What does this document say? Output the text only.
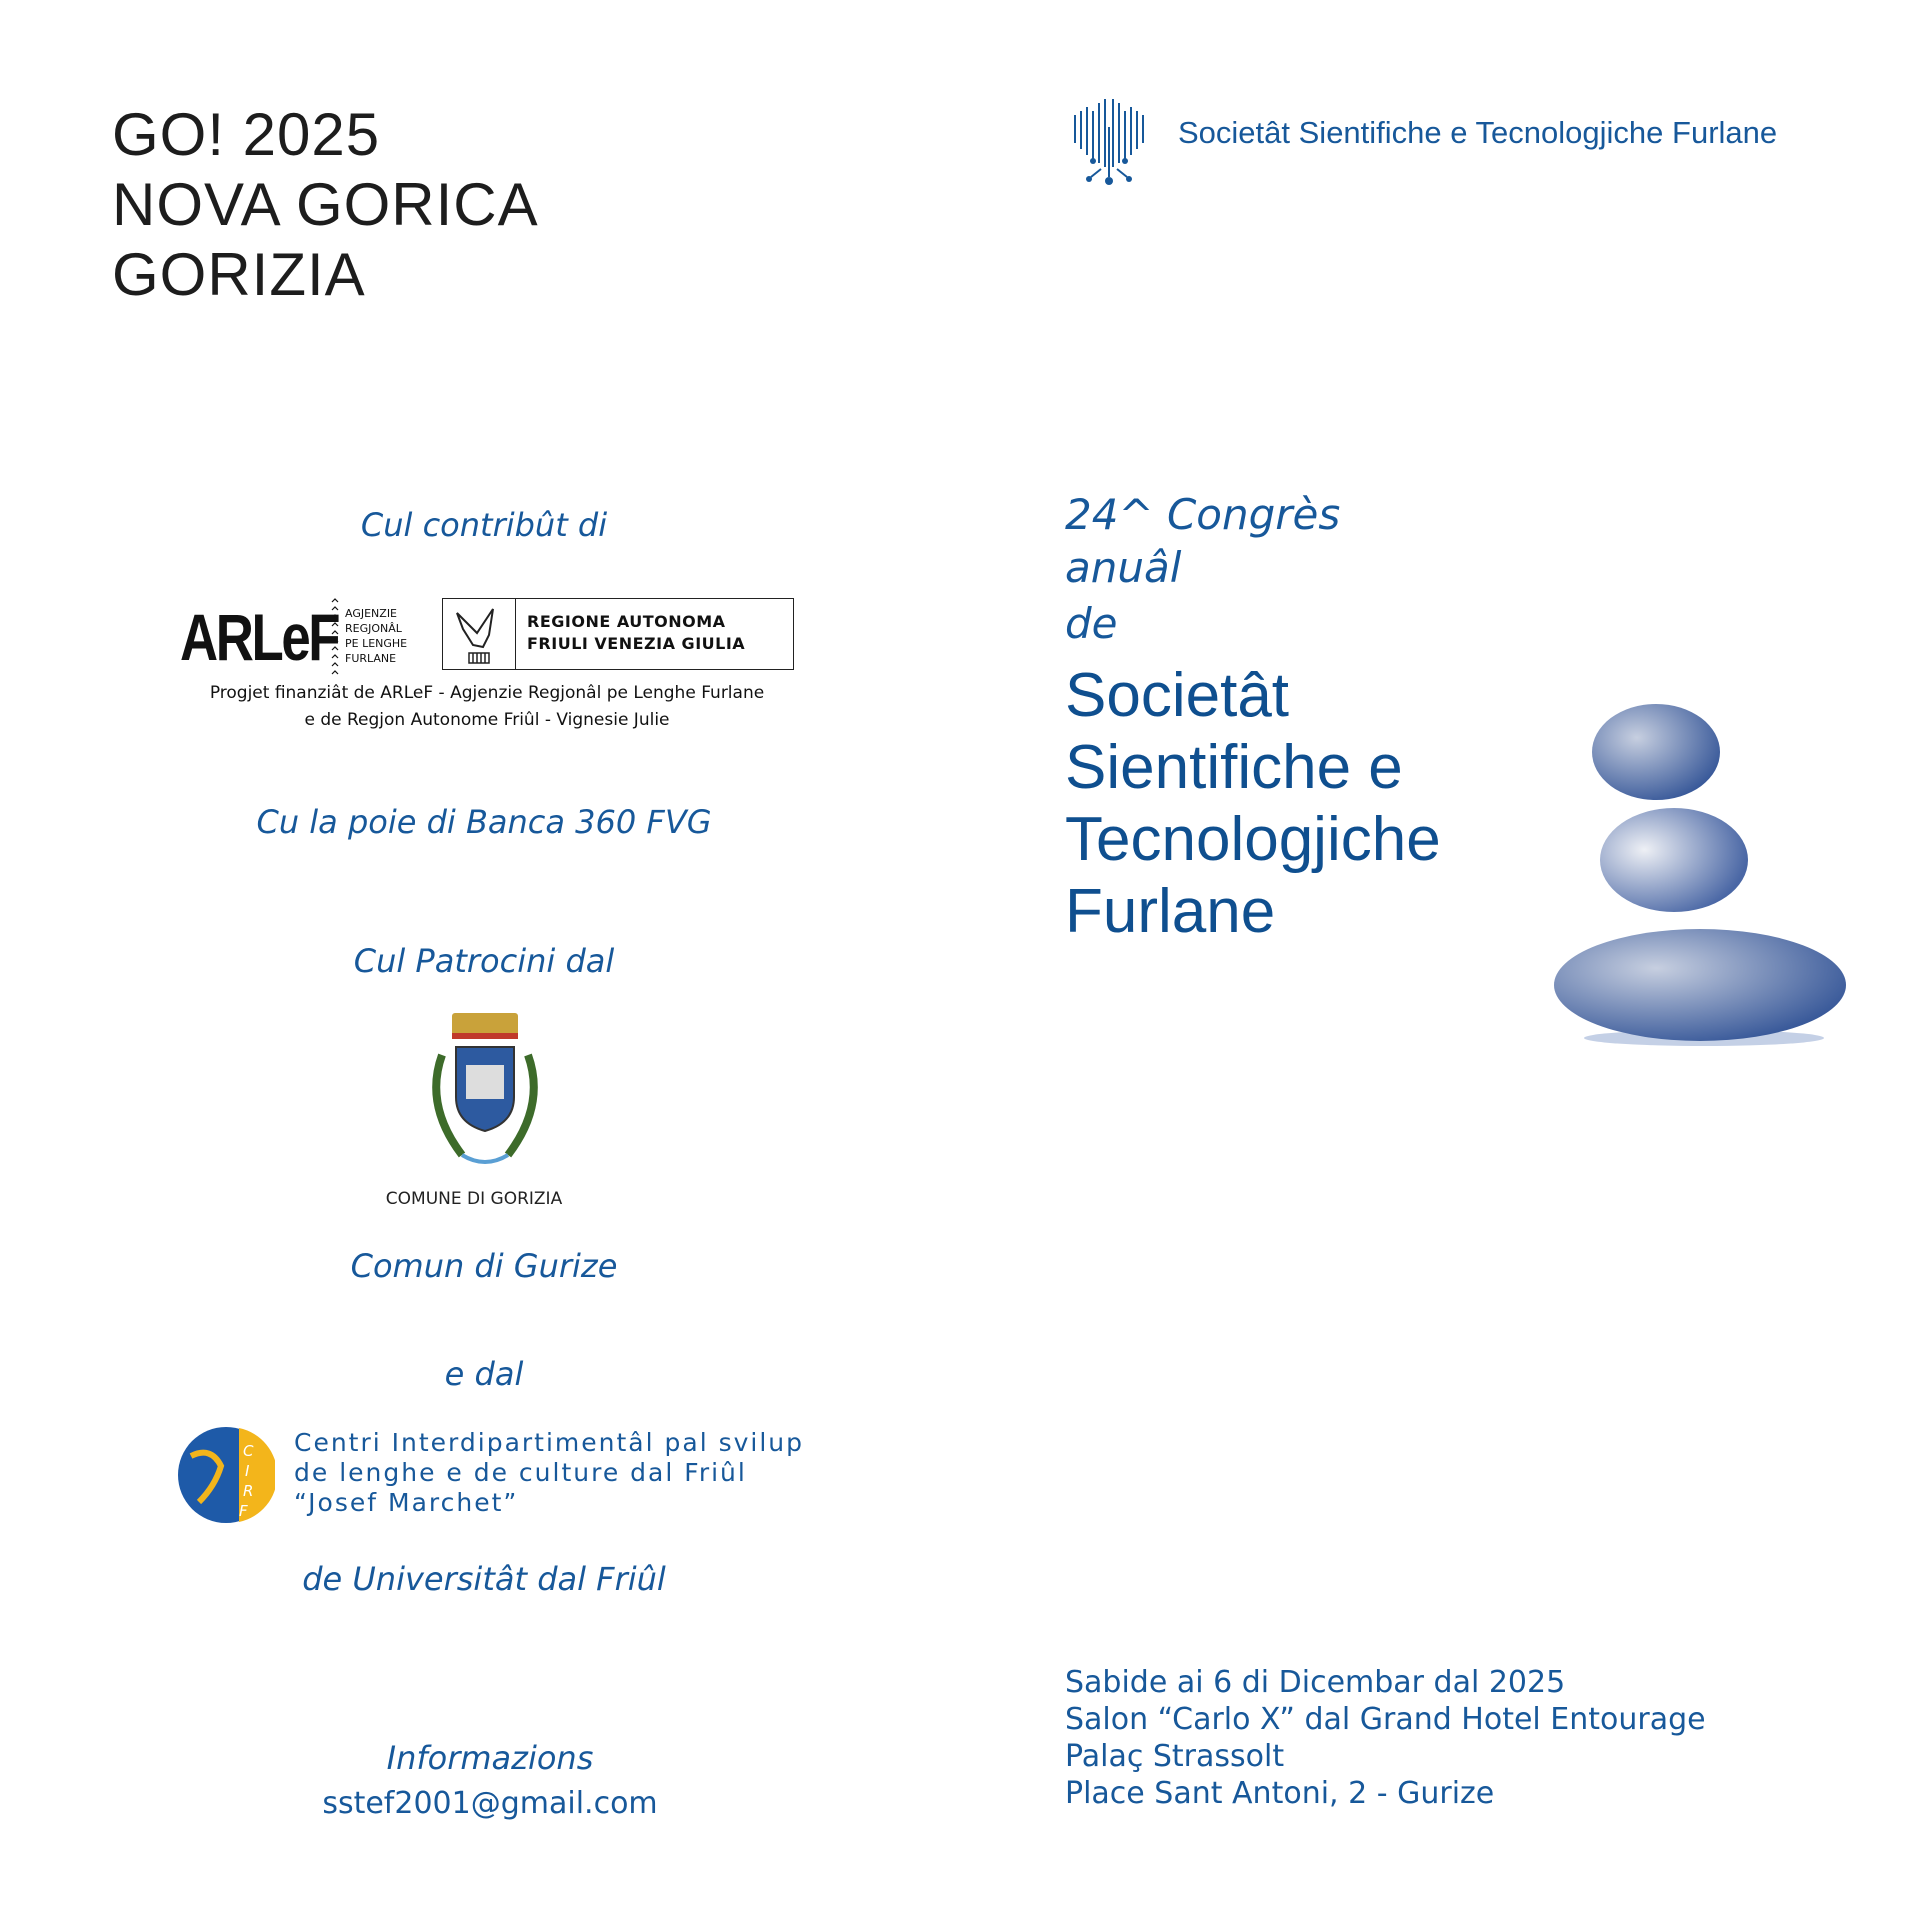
GO! 2025
NOVA GORICA
GORIZIA
Societât Sientifiche e Tecnologjiche Furlane
Cul contribût di
ARLeF AGJENZIE
REGJONÂL
PE LENGHE
FURLANE
REGIONE AUTONOMA
FRIULI VENEZIA GIULIA
Progjet finanziât de ARLeF - Agjenzie Regjonâl pe Lenghe Furlane
e de Regjon Autonome Friûl - Vignesie Julie
Cu la poie di Banca 360 FVG
Cul Patrocini dal
COMUNE DI GORIZIA
Comun di Gurize
e dal
C
I
R
F
Centri Interdipartimentâl pal svilup
de lenghe e de culture dal Friûl
“Josef Marchet”
de Universitât dal Friûl
Informazions
sstef2001@gmail.com
24^ Congrès
anuâl
de
Societât
Sientifiche e
Tecnologjiche
Furlane
Sabide ai 6 di Dicembar dal 2025
Salon “Carlo X” dal Grand Hotel Entourage
Palaç Strassolt
Place Sant Antoni, 2 - Gurize
